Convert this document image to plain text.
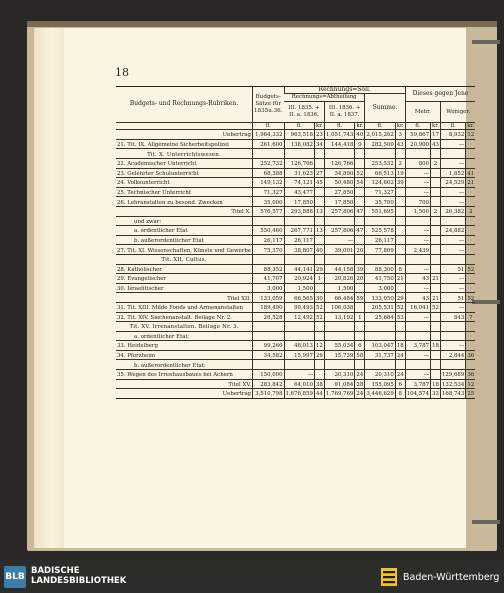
18
Budgets- und Rechnungs-Rubriken.	Budgets-Sätze für 1835u.36.	Rechnungs=Soll.						Dieses gegen Jene			
		Rechnungs=Abtheilung				Summe.					
		III. 1835. + II. a. 1836.		III. 1836. + II. a. 1837.				Mehr.		Weniger.	
	fl.	fl.	kr.	fl.	kr.	fl.	kr.	fl.	kr.	fl.	kr.
Uebertrag	1,964,332	963,518	23	1,051,743	40	2,015,262	3	59,867	17	8,932	12
21. Tit. IX. Allgemeine Sicherheitspolizei	261,600	138,082	34	144,418	9	282,500	43	20,900	43	—	
Tit. X. Unterrichtswesen.											
22. Academischer Unterricht	252,732	126,766		126,766		253,532	2	800	2	—	
23. Gelehrter Schulunterricht	68,388	31,623	27	34,890	52	66,513	19	—		1,852	41
24. Volksunterricht	149,132	74,121	45	50,480	54	124,602	39	—		24,529	21
25. Technischer Unterricht	71,327	43,477		27,850		71,327		—		—	
26. Lehranstalten zu besond. Zwecken	35,000	17,850		17,850		35,700		700		—	
Titel X.	576,577	293,888	13	257,806	47	551,695		1,500	2	26,382	2
und zwar:											
a. ordentlicher Etat	550,460	267,771	13	257,806	47	525,578		—		24,882	
b. außerordentlicher Etat	26,117	26,117		—		26,117		—		—	
27. Tit. XI. Wissenschaften, Künste und Gewerbe	75,370	38,807	40	39,001	20	77,809		2,439		—	
Tit. XII. Cultus.											
28. Katholischer	88,352	44,141	29	44,158	39	88,300	8	—		51	52
29. Evangelischer	41,707	20,924	1	20,826	20	41,750	21	43	21	—	
30. Israelitischer	3,000	1,500		1,500		3,000		—		—	
Titel XII.	133,059	66,565	30	66,484	59	133,050	29	43	21	51	52
31. Tit. XIII. Milde Fonds und Armenanstalten	189,490	99,493	52	106,038		205,531	52	16,041	52	—	
32. Tit. XIV. Siechenanstalt. Beilage Nr. 2.	26,528	12,492	52	13,192	1	25,684	53	—		843	7
Tit. XV. Irrenanstalten. Beilage Nr. 3.											
a. ordentlicher Etat:											
33. Heidelberg	99,260	48,013	12	55,034	6	103,047	18	3,787	18	—	
34. Pforzheim	34,582	15,997	26	15,739	58	31,737	24	—		2,844	36
b. außerordentlicher Etat:											
35. Wegen des Irrenhausbaues bei Achern	150,000	—		20,310	24	20,310	24	—		129,689	36
Titel XV.	283,842	64,010	38	91,084	28	155,095	6	3,787	18	132,534	12
Uebertrag	3,510,798	1,676,859	44	1,769,769	24	3,446,629	8	104,574	33	168,743	25
BLB
BADISCHE
LANDESBIBLIOTHEK	Baden-Württemberg
